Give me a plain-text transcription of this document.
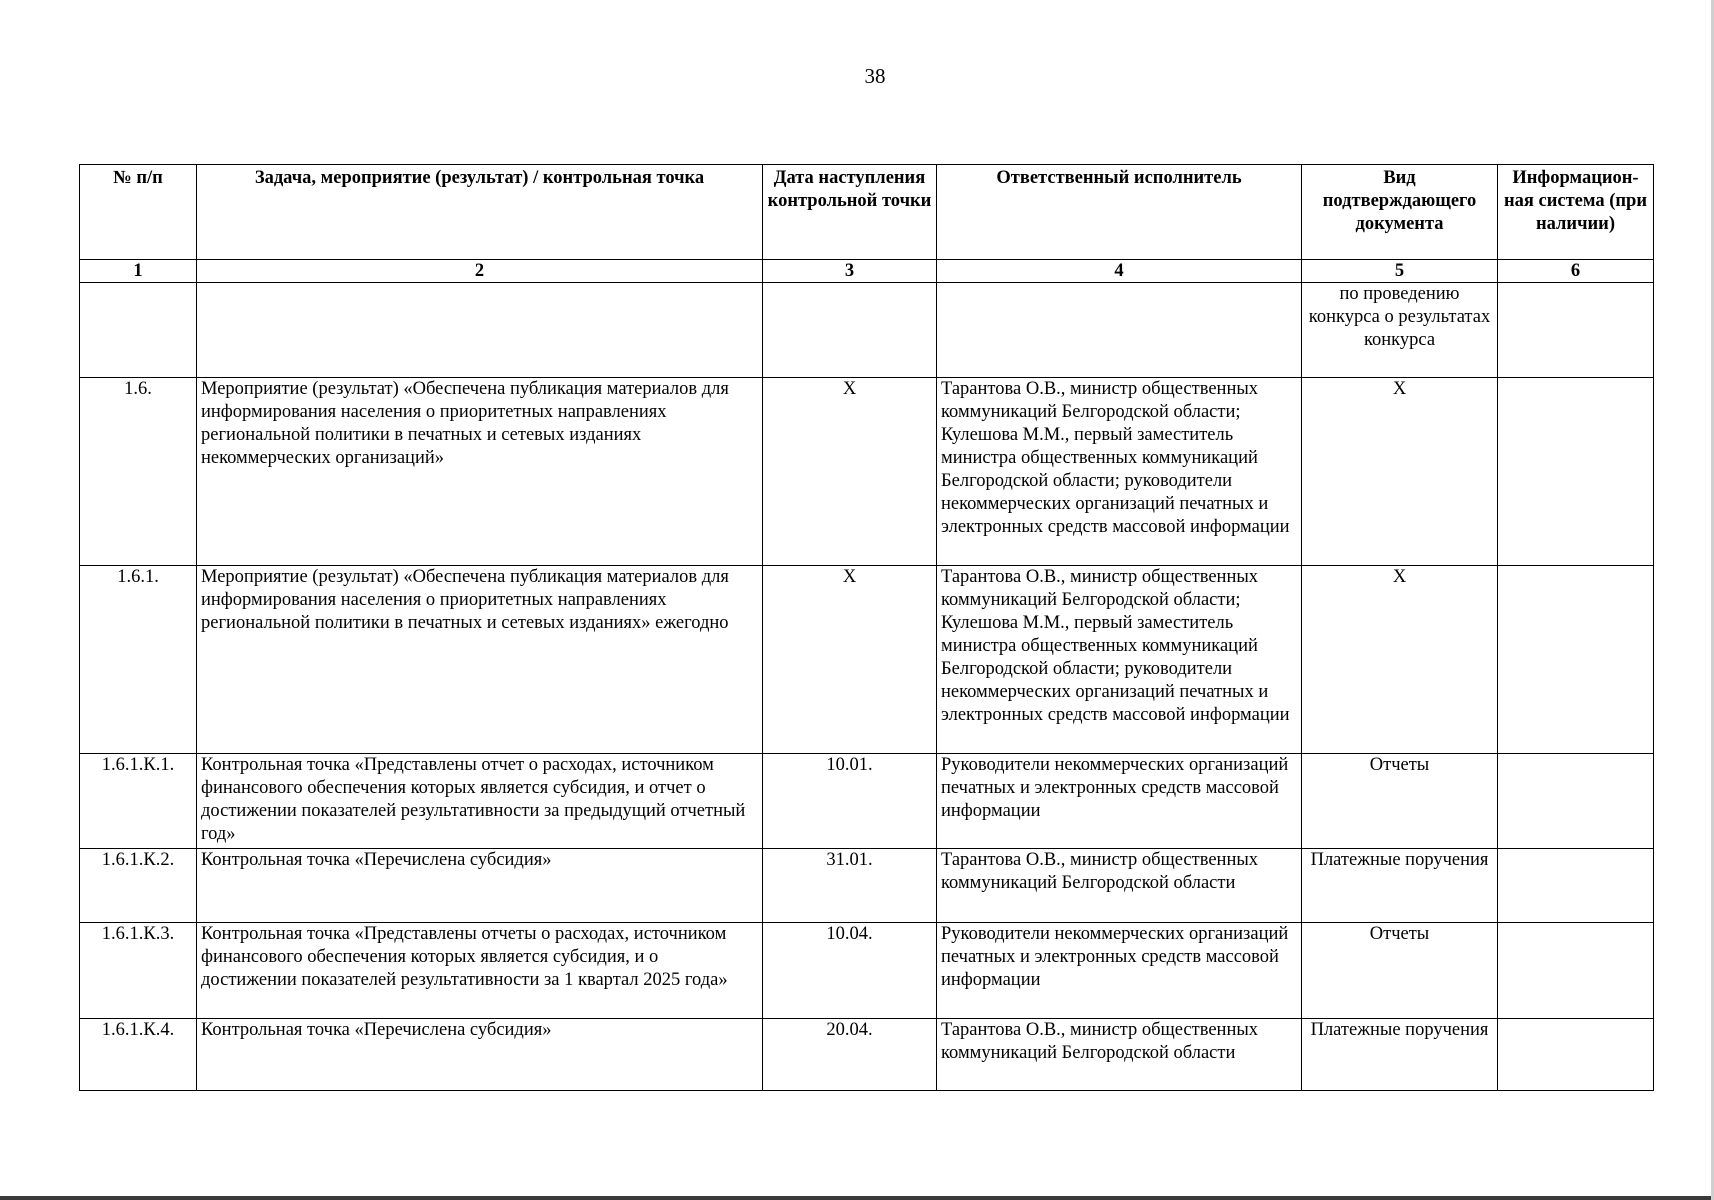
38
№ п/п	Задача, мероприятие (результат) / контрольная точка	Дата наступления контрольной точки	Ответственный исполнитель	Вид подтверждающего документа	Информацион-ная система (при наличии)
1	2	3	4	5	6
				по проведению конкурса о результатах конкурса	
1.6.	Мероприятие (результат) «Обеспечена публикация материалов для информирования населения о приоритетных направлениях региональной политики в печатных и сетевых изданиях некоммерческих организаций»	X	Тарантова О.В., министр общественных коммуникаций Белгородской области; Кулешова М.М., первый заместитель министра общественных коммуникаций Белгородской области; руководители некоммерческих организаций печатных и электронных средств массовой информации	X	
1.6.1.	Мероприятие (результат) «Обеспечена публикация материалов для информирования населения о приоритетных направлениях региональной политики в печатных и сетевых изданиях» ежегодно	X	Тарантова О.В., министр общественных коммуникаций Белгородской области; Кулешова М.М., первый заместитель министра общественных коммуникаций Белгородской области; руководители некоммерческих организаций печатных и электронных средств массовой информации	X	
1.6.1.К.1.	Контрольная точка «Представлены отчет о расходах, источником финансового обеспечения которых является субсидия, и отчет о достижении показателей результативности за предыдущий отчетный год»	10.01.	Руководители некоммерческих организаций печатных и электронных средств массовой информации	Отчеты	
1.6.1.К.2.	Контрольная точка «Перечислена субсидия»	31.01.	Тарантова О.В., министр общественных коммуникаций Белгородской области	Платежные поручения	
1.6.1.К.3.	Контрольная точка «Представлены отчеты о расходах, источником финансового обеспечения которых является субсидия, и о достижении показателей результативности за 1 квартал 2025 года»	10.04.	Руководители некоммерческих организаций печатных и электронных средств массовой информации	Отчеты	
1.6.1.К.4.	Контрольная точка «Перечислена субсидия»	20.04.	Тарантова О.В., министр общественных коммуникаций Белгородской области	Платежные поручения	
